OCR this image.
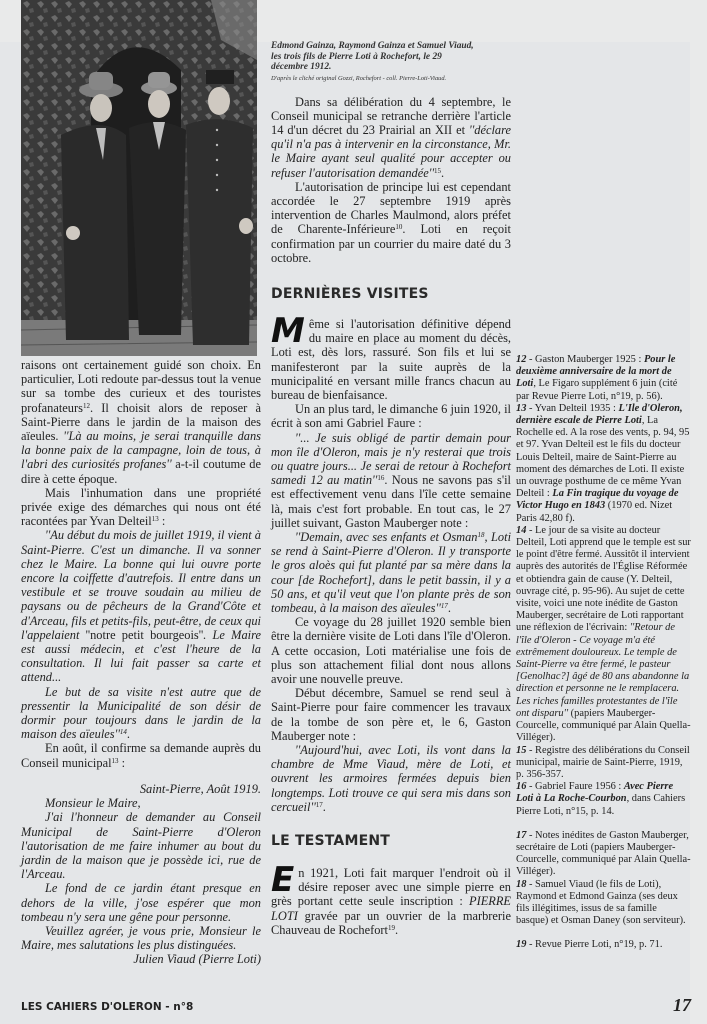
Edmond Gainza, Raymond Gainza et Samuel Viaud, les trois fils de Pierre Loti à Rochefort, le 29 décembre 1912.
D'après le cliché original Gozzi, Rochefort - coll. Pierre-Loti-Viaud.

Dans sa délibération du 4 septembre, le Conseil municipal se retranche derrière l'article 14 d'un décret du 23 Prairial an XII et ''déclare qu'il n'a pas à intervenir en la circonstance, Mr. le Maire ayant seul qualité pour accepter ou refuser l'autorisation $demandée''^{15}$.

L'autorisation de principe lui est cependant accordée le 27 septembre 1919 après intervention de Charles Maulmond, alors préfet de Charente-Inférieure$^{10}$. Loti en reçoit confirmation par un courrier du maire daté du 3 octobre.

DERNIÈRES VISITES

Même si l'autorisation définitive dépend du maire en place au moment du décès, Loti est, dès lors, rassuré. Son fils et lui se manifesteront par la suite auprès de la municipalité en versant mille francs chacun au bureau de bienfaisance.

Un an plus tard, le dimanche 6 juin 1920, il écrit à son ami Gabriel Faure :

''... Je suis obligé de partir demain pour mon île d'Oleron, mais je n'y resterai que trois ou quatre jours... Je serai de retour à Rochefort samedi 12 au $matin''^{16}$. Nous ne savons pas s'il est effectivement venu dans l'île cette semaine là, mais c'est fort probable. En tout cas, le 27 juillet suivant, Gaston Mauberger note :

''Demain, avec ses enfants et Osman$^{18}$, Loti se rend à Saint-Pierre d'Oleron. Il y transporte le gros aloès qui fut planté par sa mère dans la cour [de Rochefort], dans le petit bassin, il y a 50 ans, et qu'il veut que l'on plante près de son tombeau, à la maison des $aïeules''^{17}$.

Ce voyage du 28 juillet 1920 semble bien être la dernière visite de Loti dans l'île d'Oleron. A cette occasion, Loti matérialise une fois de plus son attachement filial dont nous allons avoir une nouvelle preuve.

Début décembre, Samuel se rend seul à Saint-Pierre pour faire commencer les travaux de la tombe de son père et, le 6, Gaston Mauberger note :

''Aujourd'hui, avec Loti, ils vont dans la chambre de Mme Viaud, mère de Loti, et ouvrent les armoires fermées depuis bien longtemps. Loti trouve ce qui sera mis dans son $cercueil''^{17}$.

LE TESTAMENT

En 1921, Loti fait marquer l'endroit où il désire reposer avec une simple pierre en grès portant cette seule inscription : PIERRE LOTI gravée par un ouvrier de la marbrerie Chauveau de Rochefort$^{19}$.

raisons ont certainement guidé son choix. En particulier, Loti redoute par-dessus tout la venue sur sa tombe des curieux et des touristes profanateurs$^{12}$. Il choisit alors de reposer à Saint-Pierre dans le jardin de la maison des aïeules. ''Là au moins, je serai tranquille dans la bonne paix de la campagne, loin de tous, à l'abri des curiosités profanes'' a-t-il coutume de dire à cette époque.

Mais l'inhumation dans une propriété privée exige des démarches qui nous ont été racontées par Yvan Delteil$^{13}$ :

''Au début du mois de juillet 1919, il vient à Saint-Pierre. C'est un dimanche. Il va sonner chez le Maire. La bonne qui lui ouvre porte encore la coiffette d'autrefois. Il entre dans un vestibule et se trouve soudain au milieu de paysans ou de pêcheurs de la Grand'Côte et d'Arceau, fils et petits-fils, peut-être, de ceux qui l'appelaient ''notre petit bourgeois''. Le Maire est aussi médecin, et c'est l'heure de la consultation. Il lui fait passer sa carte et attend...

Le but de sa visite n'est autre que de pressentir la Municipalité de son désir de dormir pour toujours dans le jardin de la maison des $aïeules''^{14}$.

En août, il confirme sa demande auprès du Conseil municipal$^{13}$ :

Saint-Pierre, Août 1919.

Monsieur le Maire,

J'ai l'honneur de demander au Conseil Municipal de Saint-Pierre d'Oleron l'autorisation de me faire inhumer au bout du jardin de la maison que je possède ici, rue de l'Arceau.

Le fond de ce jardin étant presque en dehors de la ville, j'ose espérer que mon tombeau n'y sera une gêne pour personne.

Veuillez agréer, je vous prie, Monsieur le Maire, mes salutations les plus distinguées.

Julien Viaud (Pierre Loti)

12 - Gaston Mauberger 1925 : Pour le deuxième anniversaire de la mort de Loti, Le Figaro supplément 6 juin (cité par Revue Pierre Loti, n°19, p. 56).

13 - Yvan Delteil 1935 : L'Ile d'Oleron, dernière escale de Pierre Loti, La Rochelle ed. A la rose des vents, p. 94, 95 et 97. Yvan Delteil est le fils du docteur Louis Delteil, maire de Saint-Pierre au moment des démarches de Loti. Il existe un ouvrage posthume de ce même Yvan Delteil : La Fin tragique du voyage de Victor Hugo en 1843 (1970 ed. Nizet Paris 42,80 f).

14 - Le jour de sa visite au docteur Delteil, Loti apprend que le temple est sur le point d'être fermé. Aussitôt il intervient auprès des autorités de l'Église Réformée et obtiendra gain de cause (Y. Delteil, ouvrage cité, p. 95-96). Au sujet de cette visite, voici une note inédite de Gaston Mauberger, secrétaire de Loti rapportant une réflexion de l'écrivain: ''Retour de l'île d'Oleron - Ce voyage m'a été extrêmement douloureux. Le temple de Saint-Pierre va être fermé, le pasteur [Genolhac?] âgé de 80 ans abandonne la direction et personne ne le remplacera. Les riches familles protestantes de l'île ont disparu'' (papiers Mauberger-Courcelle, communiqué par Alain Quella-Villéger).

15 - Registre des délibérations du Conseil municipal, mairie de Saint-Pierre, 1919, p. 356-357.

16 - Gabriel Faure 1956 : Avec Pierre Loti à La Roche-Courbon, dans Cahiers Pierre Loti, n°15, p. 14.

17 - Notes inédites de Gaston Mauberger, secrétaire de Loti (papiers Mauberger-Courcelle, communiqué par Alain Quella-Villéger).

18 - Samuel Viaud (le fils de Loti), Raymond et Edmond Gainza (ses deux fils illégitimes, issus de sa famille basque) et Osman Daney (son serviteur).

19 - Revue Pierre Loti, n°19, p. 71.

LES CAHIERS D'OLERON - n°8	17
